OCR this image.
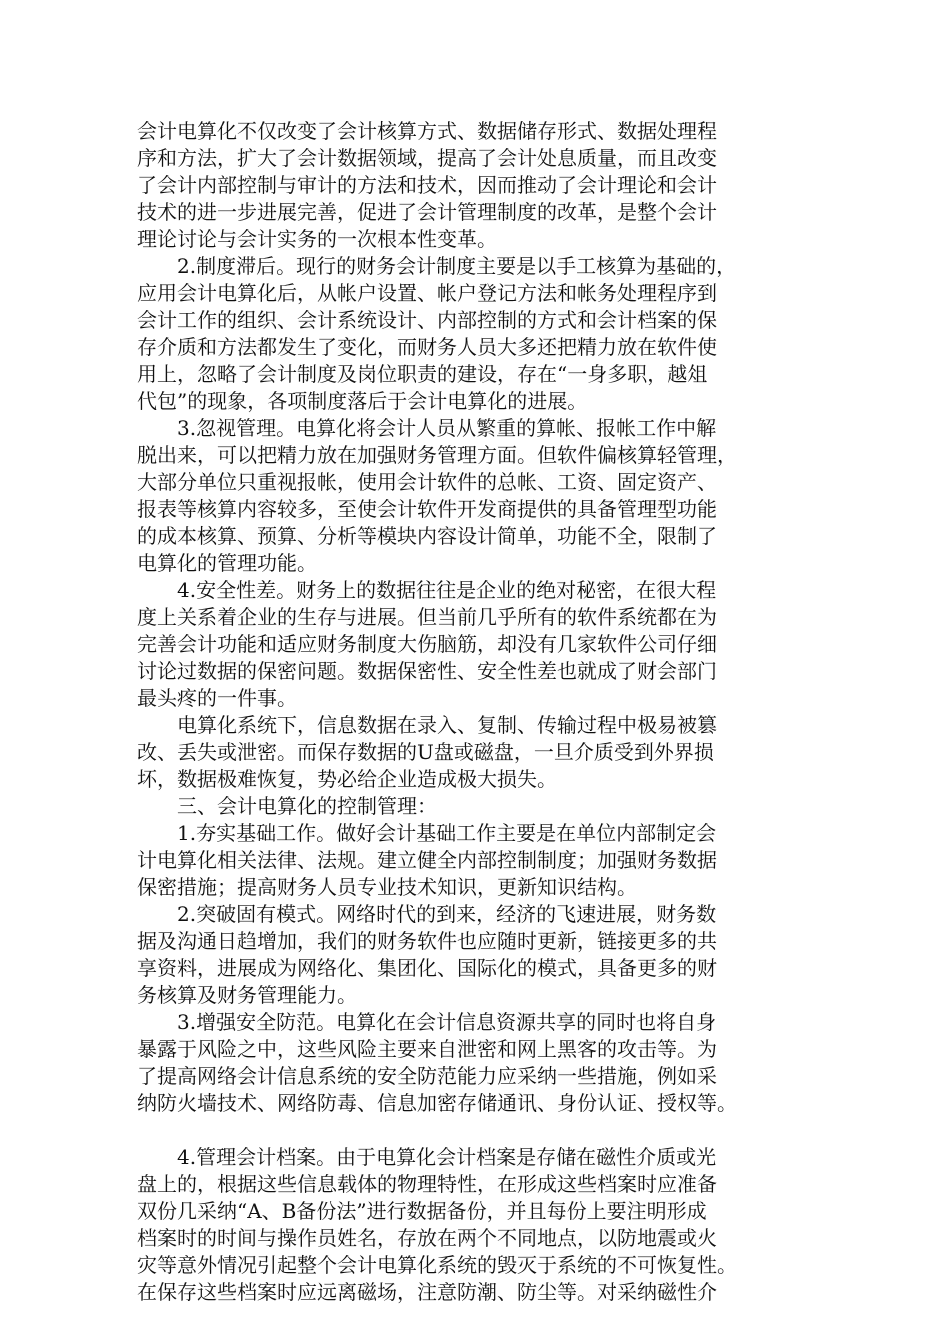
会计电算化不仅改变了会计核算方式、数据储存形式、数据处理程
序和方法，扩大了会计数据领域，提高了会计处息质量，而且改变
了会计内部控制与审计的方法和技术，因而推动了会计理论和会计
技术的进一步进展完善，促进了会计管理制度的改革，是整个会计
理论讨论与会计实务的一次根本性变革。
2.制度滞后。现行的财务会计制度主要是以手工核算为基础的，
应用会计电算化后，从帐户设置、帐户登记方法和帐务处理程序到
会计工作的组织、会计系统设计、内部控制的方式和会计档案的保
存介质和方法都发生了变化，而财务人员大多还把精力放在软件使
用上，忽略了会计制度及岗位职责的建设，存在“一身多职，越俎
代包”的现象，各项制度落后于会计电算化的进展。
3.忽视管理。电算化将会计人员从繁重的算帐、报帐工作中解
脱出来，可以把精力放在加强财务管理方面。但软件偏核算轻管理，
大部分单位只重视报帐，使用会计软件的总帐、工资、固定资产、
报表等核算内容较多，至使会计软件开发商提供的具备管理型功能
的成本核算、预算、分析等模块内容设计简单，功能不全，限制了
电算化的管理功能。
4.安全性差。财务上的数据往往是企业的绝对秘密，在很大程
度上关系着企业的生存与进展。但当前几乎所有的软件系统都在为
完善会计功能和适应财务制度大伤脑筋，却没有几家软件公司仔细
讨论过数据的保密问题。数据保密性、安全性差也就成了财会部门
最头疼的一件事。
电算化系统下，信息数据在录入、复制、传输过程中极易被篡
改、丢失或泄密。而保存数据的U盘或磁盘，一旦介质受到外界损
坏，数据极难恢复，势必给企业造成极大损失。
三、会计电算化的控制管理：
1.夯实基础工作。做好会计基础工作主要是在单位内部制定会
计电算化相关法律、法规。建立健全内部控制制度；加强财务数据
保密措施；提高财务人员专业技术知识，更新知识结构。
2.突破固有模式。网络时代的到来，经济的飞速进展，财务数
据及沟通日趋增加，我们的财务软件也应随时更新，链接更多的共
享资料，进展成为网络化、集团化、国际化的模式，具备更多的财
务核算及财务管理能力。
3.增强安全防范。电算化在会计信息资源共享的同时也将自身
暴露于风险之中，这些风险主要来自泄密和网上黑客的攻击等。为
了提高网络会计信息系统的安全防范能力应采纳一些措施，例如采
纳防火墙技术、网络防毒、信息加密存储通讯、身份认证、授权等。
4.管理会计档案。由于电算化会计档案是存储在磁性介质或光
盘上的，根据这些信息载体的物理特性，在形成这些档案时应准备
双份几采纳“A、B备份法”进行数据备份，并且每份上要注明形成
档案时的时间与操作员姓名，存放在两个不同地点，以防地震或火
灾等意外情况引起整个会计电算化系统的毁灭于系统的不可恢复性。
在保存这些档案时应远离磁场，注意防潮、防尘等。对采纳磁性介
